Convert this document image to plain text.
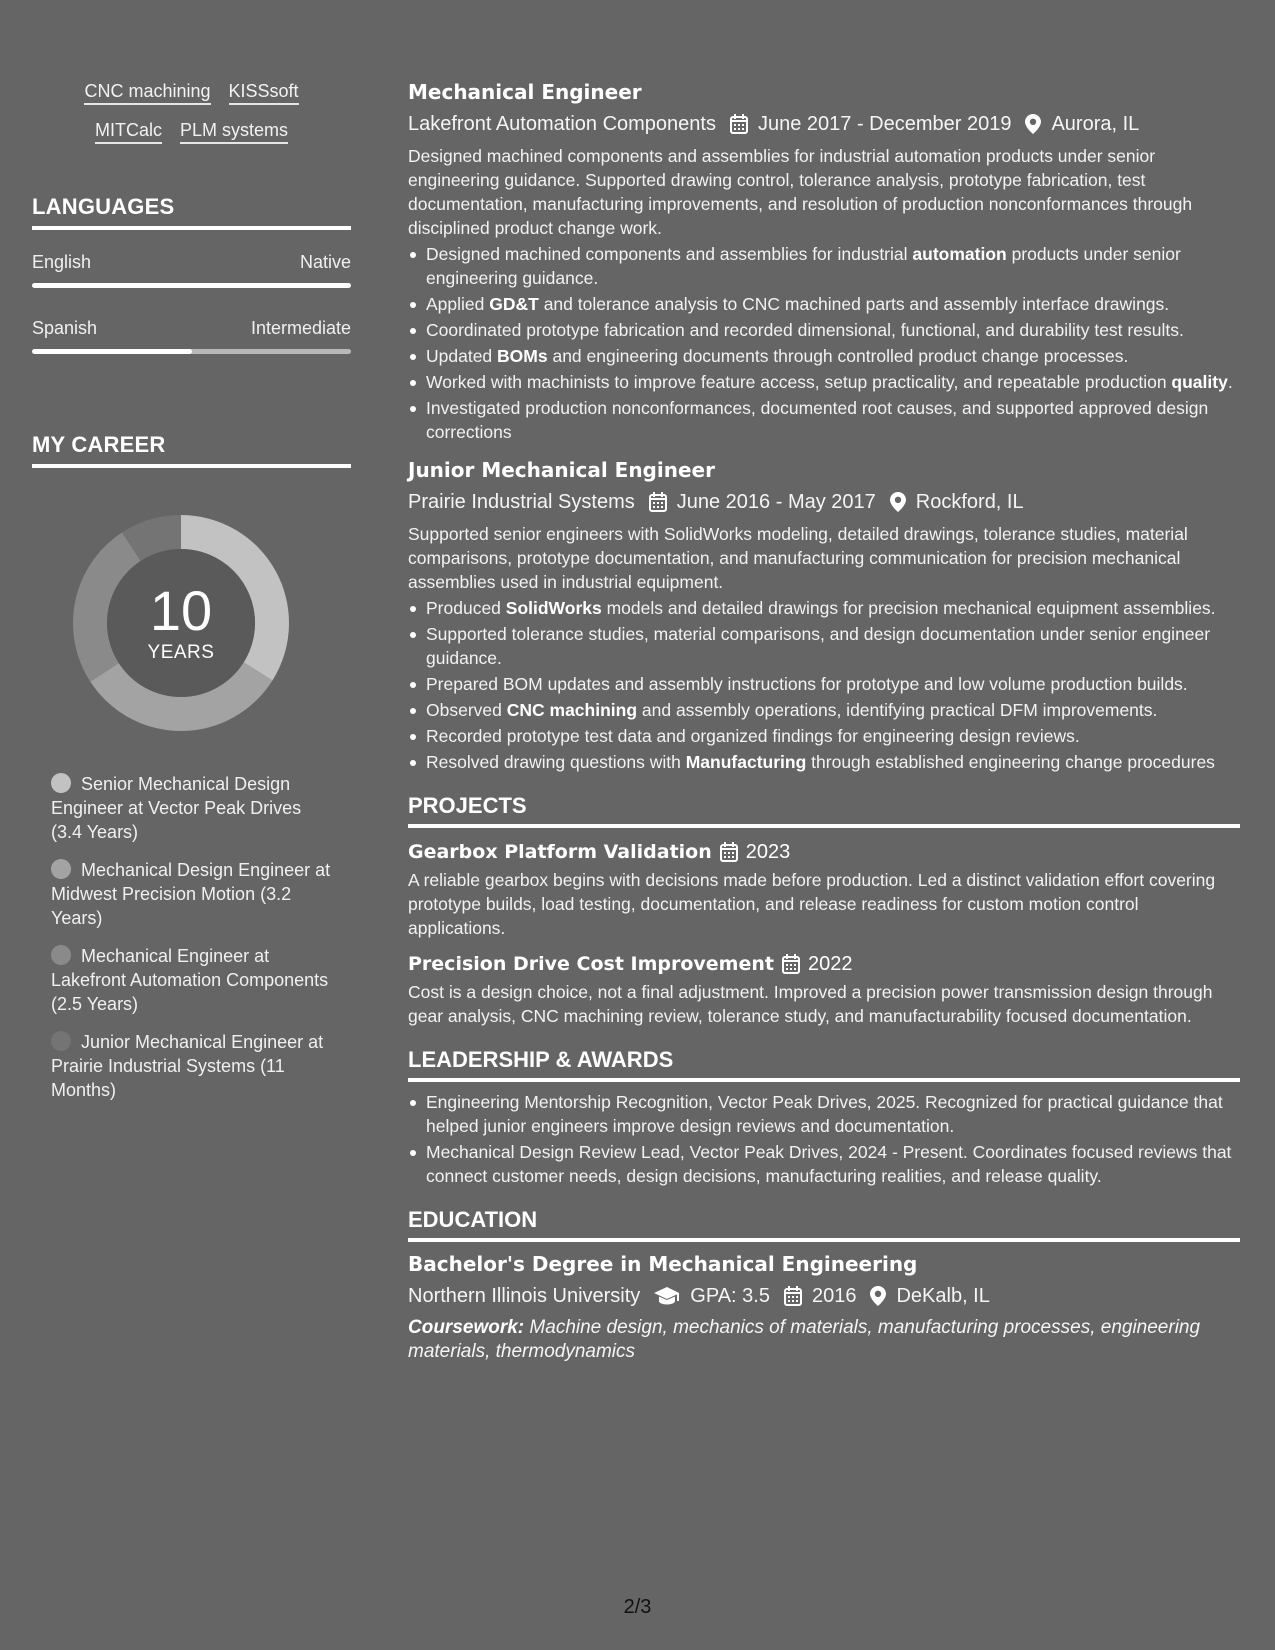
CNC machining KISSsoft
MITCalc PLM systems
LANGUAGES
English	Native
Spanish	Intermediate
MY CAREER
10
YEARS
Senior Mechanical Design Engineer at Vector Peak Drives (3.4 Years)
Mechanical Design Engineer at Midwest Precision Motion (3.2 Years)
Mechanical Engineer at Lakefront Automation Components (2.5 Years)
Junior Mechanical Engineer at Prairie Industrial Systems (11 Months)
Mechanical Engineer
Lakefront Automation Components June 2017 - December 2019 Aurora, IL
Designed machined components and assemblies for industrial automation products under senior engineering guidance. Supported drawing control, tolerance analysis, prototype fabrication, test documentation, manufacturing improvements, and resolution of production nonconformances through disciplined product change work.
Designed machined components and assemblies for industrial automation products under senior engineering guidance.
Applied GD&T and tolerance analysis to CNC machined parts and assembly interface drawings.
Coordinated prototype fabrication and recorded dimensional, functional, and durability test results.
Updated BOMs and engineering documents through controlled product change processes.
Worked with machinists to improve feature access, setup practicality, and repeatable production quality.
Investigated production nonconformances, documented root causes, and supported approved design corrections
Junior Mechanical Engineer
Prairie Industrial Systems June 2016 - May 2017 Rockford, IL
Supported senior engineers with SolidWorks modeling, detailed drawings, tolerance studies, material comparisons, prototype documentation, and manufacturing communication for precision mechanical assemblies used in industrial equipment.
Produced SolidWorks models and detailed drawings for precision mechanical equipment assemblies.
Supported tolerance studies, material comparisons, and design documentation under senior engineer guidance.
Prepared BOM updates and assembly instructions for prototype and low volume production builds.
Observed CNC machining and assembly operations, identifying practical DFM improvements.
Recorded prototype test data and organized findings for engineering design reviews.
Resolved drawing questions with Manufacturing through established engineering change procedures
PROJECTS
Gearbox Platform Validation 2023
A reliable gearbox begins with decisions made before production. Led a distinct validation effort covering prototype builds, load testing, documentation, and release readiness for custom motion control applications.
Precision Drive Cost Improvement 2022
Cost is a design choice, not a final adjustment. Improved a precision power transmission design through gear analysis, CNC machining review, tolerance study, and manufacturability focused documentation.
LEADERSHIP & AWARDS
Engineering Mentorship Recognition, Vector Peak Drives, 2025. Recognized for practical guidance that helped junior engineers improve design reviews and documentation.
Mechanical Design Review Lead, Vector Peak Drives, 2024 - Present. Coordinates focused reviews that connect customer needs, design decisions, manufacturing realities, and release quality.
EDUCATION
Bachelor's Degree in Mechanical Engineering
Northern Illinois University	GPA: 3.5 2016 DeKalb, IL
Coursework: Machine design, mechanics of materials, manufacturing processes, engineering materials, thermodynamics
2/3
